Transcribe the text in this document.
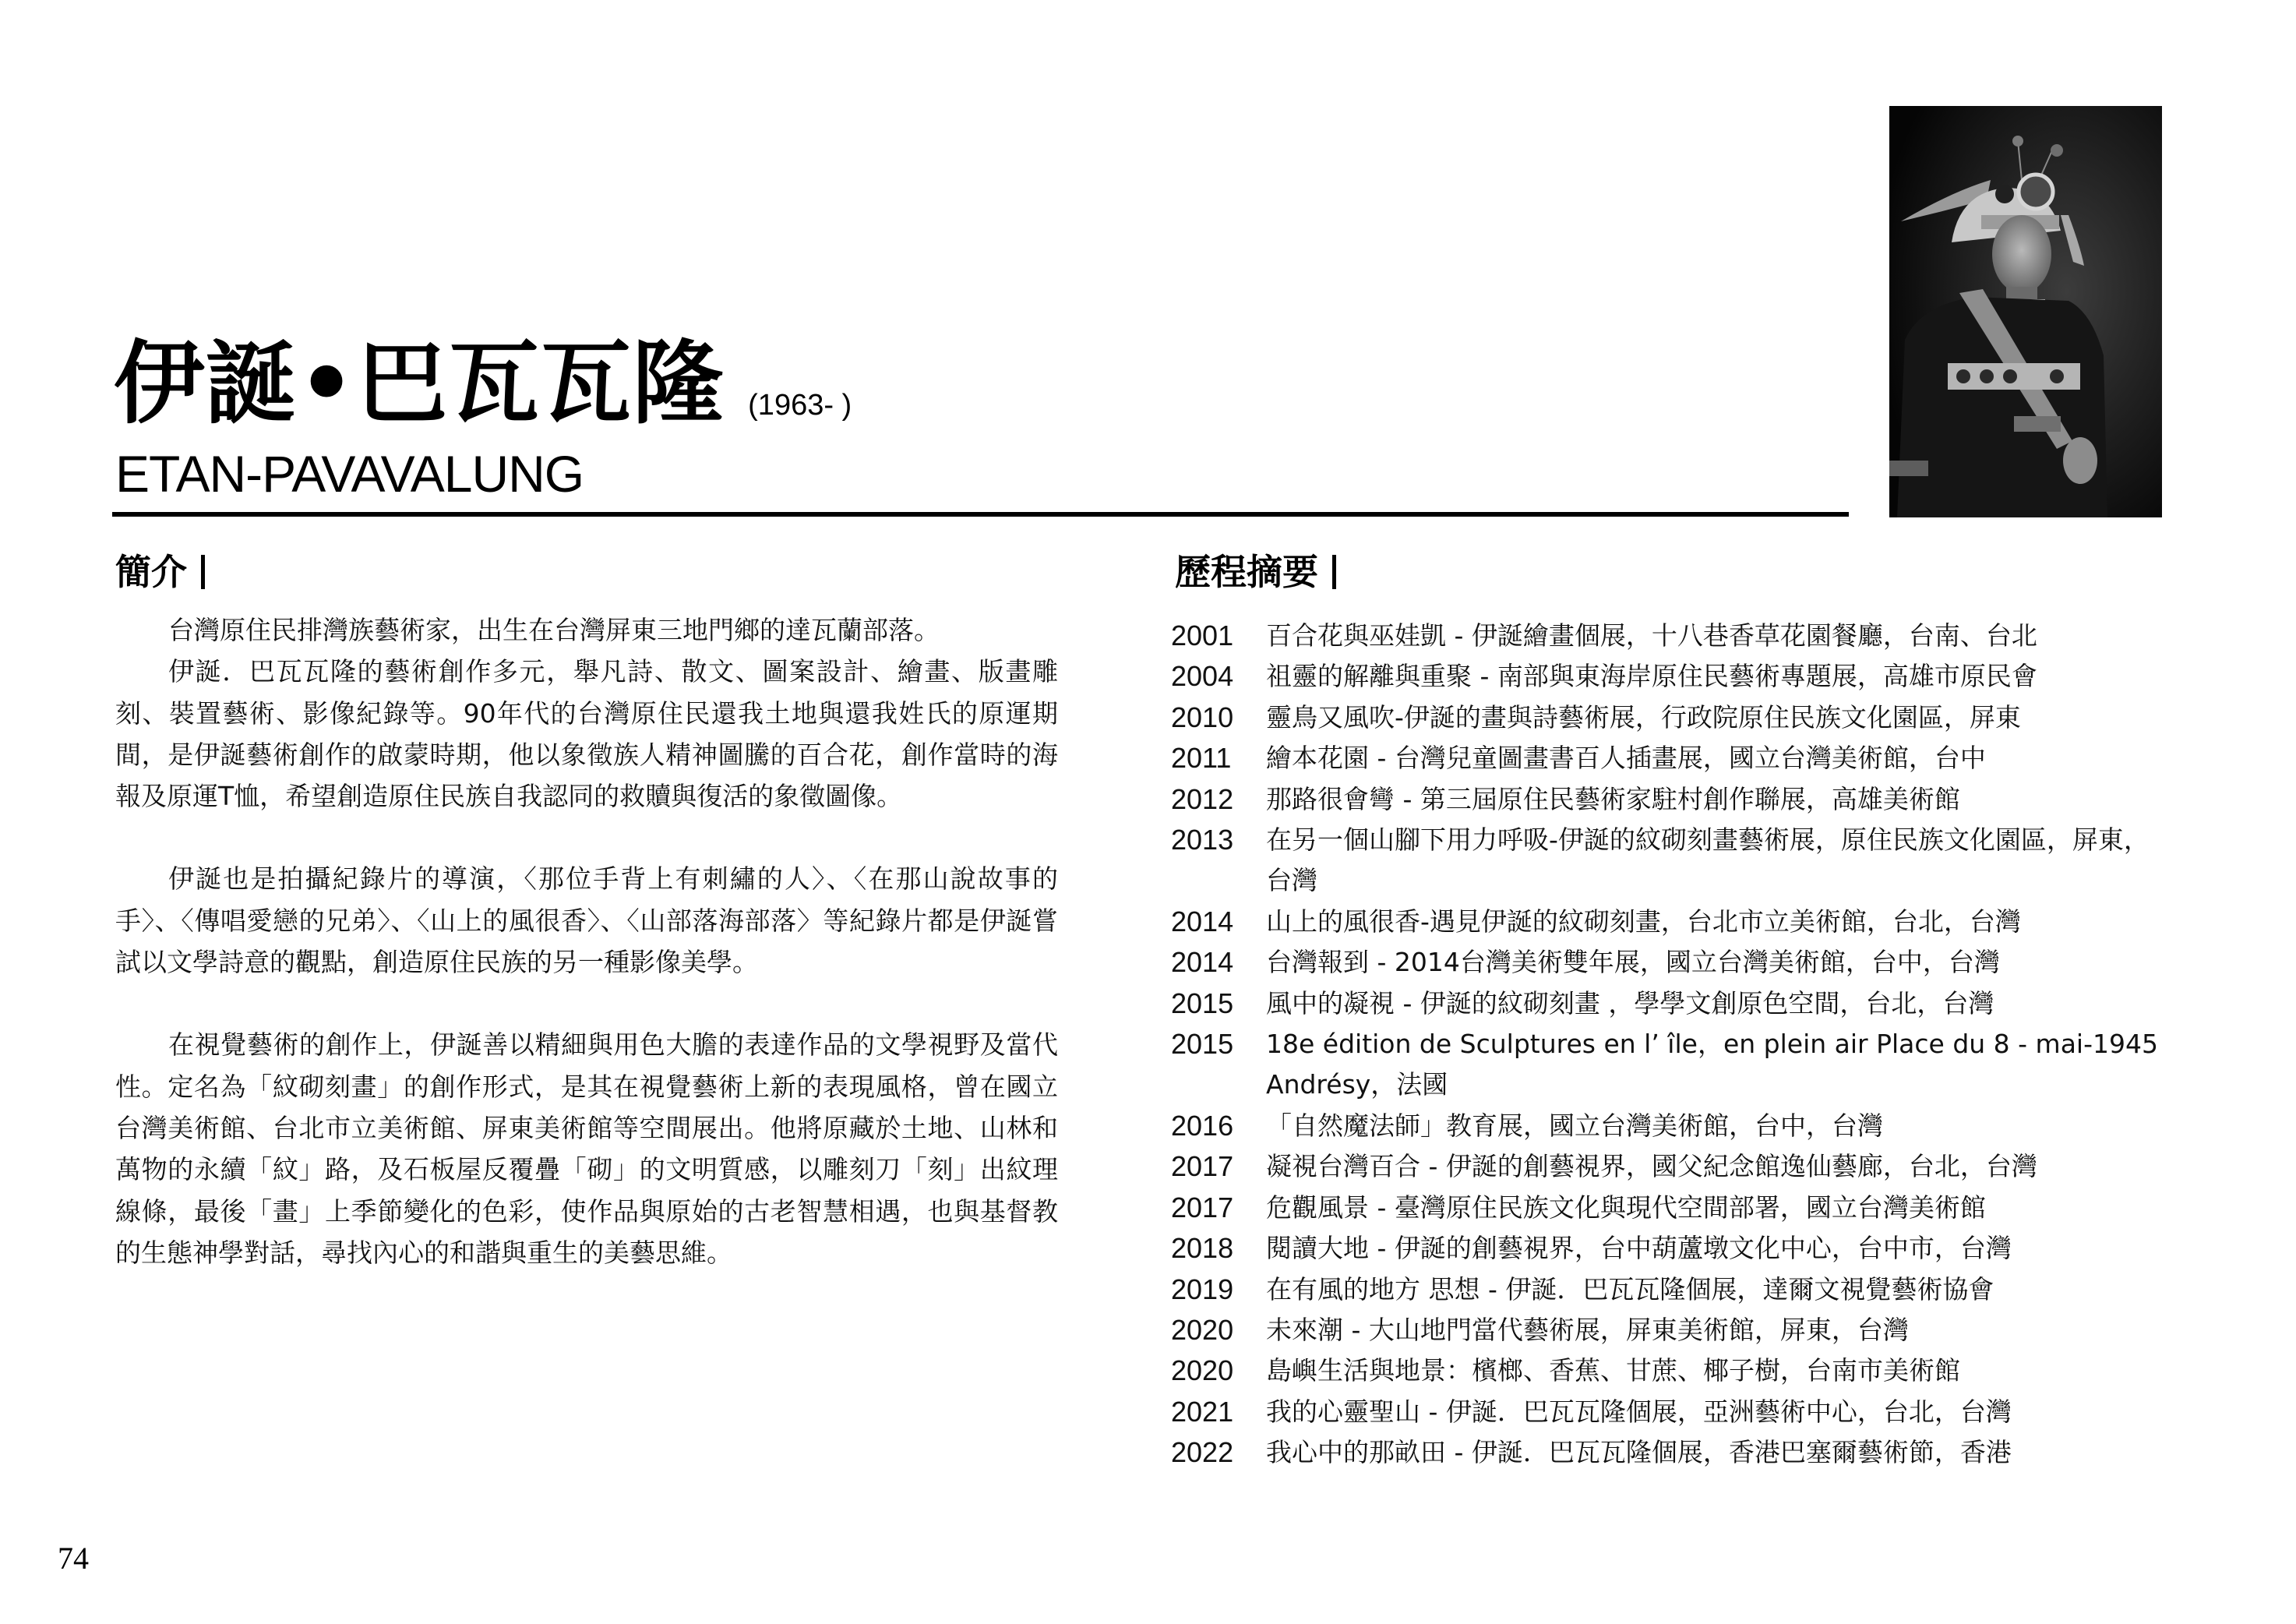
伊誕•巴瓦瓦隆 (1963- )
ETAN-PAVAVALUNG
簡介

台灣原住民排灣族藝術家，出生在台灣屏東三地門鄉的達瓦蘭部落。

伊誕．巴瓦瓦隆的藝術創作多元，舉凡詩、散文、圖案設計、繪畫、版畫雕刻、裝置藝術、影像紀錄等。90年代的台灣原住民還我土地與還我姓氏的原運期間，是伊誕藝術創作的啟蒙時期，他以象徵族人精神圖騰的百合花，創作當時的海報及原運T恤，希望創造原住民族自我認同的救贖與復活的象徵圖像。

伊誕也是拍攝紀錄片的導演，〈那位手背上有刺繡的人〉、〈在那山說故事的手〉、〈傳唱愛戀的兄弟〉、〈山上的風很香〉、〈山部落海部落〉等紀錄片都是伊誕嘗試以文學詩意的觀點，創造原住民族的另一種影像美學。

在視覺藝術的創作上，伊誕善以精細與用色大膽的表達作品的文學視野及當代性。定名為「紋砌刻畫」的創作形式，是其在視覺藝術上新的表現風格，曾在國立台灣美術館、台北市立美術館、屏東美術館等空間展出。他將原藏於土地、山林和萬物的永續「紋」路，及石板屋反覆疊「砌」的文明質感，以雕刻刀「刻」出紋理線條，最後「畫」上季節變化的色彩，使作品與原始的古老智慧相遇，也與基督教的生態神學對話，尋找內心的和諧與重生的美藝思維。

歷程摘要
2001	百合花與巫娃凱 - 伊誕繪畫個展，十八巷香草花園餐廳，台南、台北
2004	祖靈的解離與重聚 - 南部與東海岸原住民藝術專題展，高雄市原民會
2010	靈鳥又風吹-伊誕的畫與詩藝術展，行政院原住民族文化園區，屏東
2011	繪本花園 - 台灣兒童圖畫書百人插畫展，國立台灣美術館，台中
2012	那路很會彎 - 第三屆原住民藝術家駐村創作聯展，高雄美術館
2013	在另一個山腳下用力呼吸-伊誕的紋砌刻畫藝術展，原住民族文化園區，屏東，台灣
2014	山上的風很香-遇見伊誕的紋砌刻畫，台北市立美術館，台北，台灣
2014	台灣報到 - 2014台灣美術雙年展，國立台灣美術館，台中，台灣
2015	風中的凝視 - 伊誕的紋砌刻畫 ，學學文創原色空間，台北，台灣
2015	18e édition de Sculptures en l’ île，en plein air Place du 8 - mai-1945 Andrésy，法國
2016	「自然魔法師」教育展，國立台灣美術館，台中，台灣
2017	凝視台灣百合 - 伊誕的創藝視界，國父紀念館逸仙藝廊，台北，台灣
2017	危觀風景 - 臺灣原住民族文化與現代空間部署，國立台灣美術館
2018	閱讀大地 - 伊誕的創藝視界，台中葫蘆墩文化中心，台中市，台灣
2019	在有風的地方 思想 - 伊誕．巴瓦瓦隆個展，達爾文視覺藝術協會
2020	未來潮 - 大山地門當代藝術展，屏東美術館，屏東，台灣
2020	島嶼生活與地景：檳榔、香蕉、甘蔗、椰子樹，台南市美術館
2021	我的心靈聖山 - 伊誕．巴瓦瓦隆個展，亞洲藝術中心，台北，台灣
2022	我心中的那畝田 - 伊誕．巴瓦瓦隆個展，香港巴塞爾藝術節，香港
74
